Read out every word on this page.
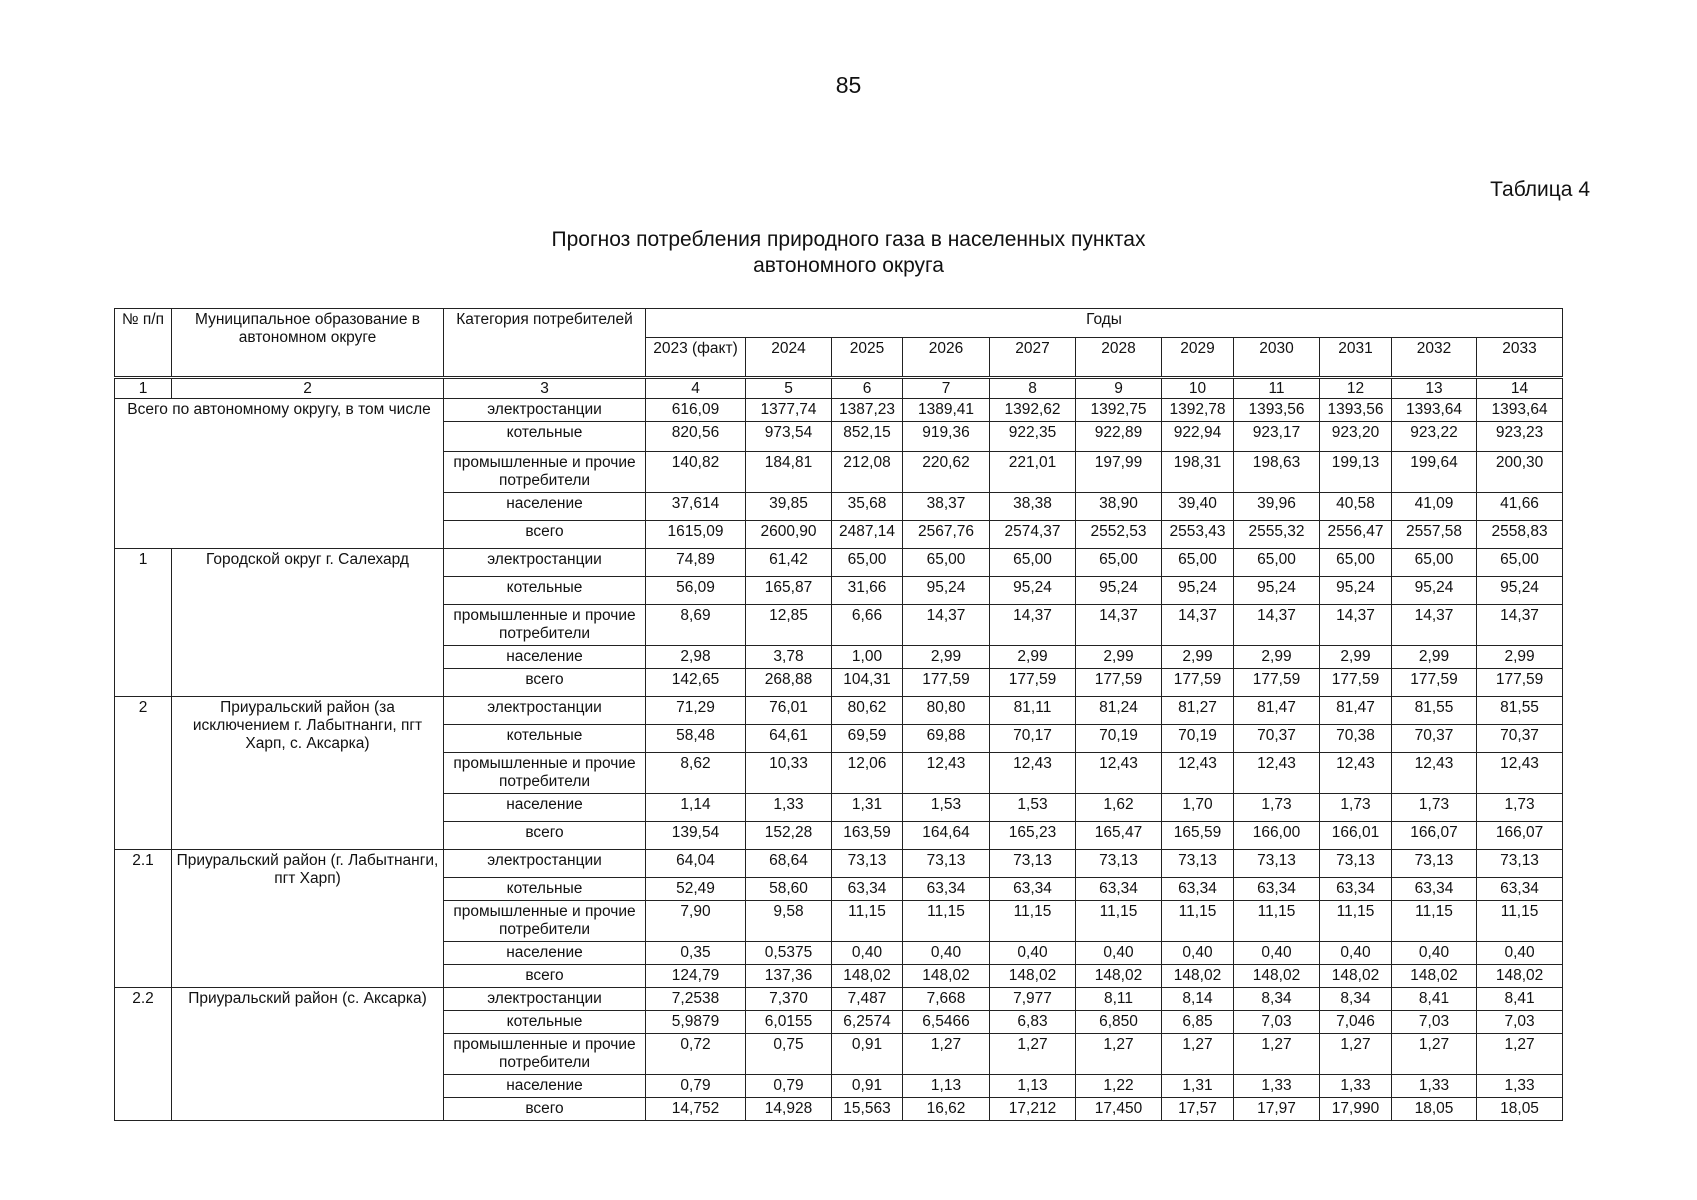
85
Таблица 4
Прогноз потребления природного газа в населенных пунктах
автономного округа
№ п/п	Муниципальное образование в автономном округе	Категория потребителей	Годы										
			2023 (факт)	2024	2025	2026	2027	2028	2029	2030	2031	2032	2033

1	2	3	4	5	6	7	8	9	10	11	12	13	14
Всего по автономному округу, в том числе		электростанции	616,09	1377,74	1387,23	1389,41	1392,62	1392,75	1392,78	1393,56	1393,56	1393,64	1393,64
		котельные	820,56	973,54	852,15	919,36	922,35	922,89	922,94	923,17	923,20	923,22	923,23
		промышленные и прочие потребители	140,82	184,81	212,08	220,62	221,01	197,99	198,31	198,63	199,13	199,64	200,30
		население	37,614	39,85	35,68	38,37	38,38	38,90	39,40	39,96	40,58	41,09	41,66
		всего	1615,09	2600,90	2487,14	2567,76	2574,37	2552,53	2553,43	2555,32	2556,47	2557,58	2558,83
1	Городской округ г. Салехард	электростанции	74,89	61,42	65,00	65,00	65,00	65,00	65,00	65,00	65,00	65,00	65,00
		котельные	56,09	165,87	31,66	95,24	95,24	95,24	95,24	95,24	95,24	95,24	95,24
		промышленные и прочие потребители	8,69	12,85	6,66	14,37	14,37	14,37	14,37	14,37	14,37	14,37	14,37
		население	2,98	3,78	1,00	2,99	2,99	2,99	2,99	2,99	2,99	2,99	2,99
		всего	142,65	268,88	104,31	177,59	177,59	177,59	177,59	177,59	177,59	177,59	177,59
2	Приуральский район (за исключением г. Лабытнанги, пгт Харп, с. Аксарка)	электростанции	71,29	76,01	80,62	80,80	81,11	81,24	81,27	81,47	81,47	81,55	81,55
		котельные	58,48	64,61	69,59	69,88	70,17	70,19	70,19	70,37	70,38	70,37	70,37
		промышленные и прочие потребители	8,62	10,33	12,06	12,43	12,43	12,43	12,43	12,43	12,43	12,43	12,43
		население	1,14	1,33	1,31	1,53	1,53	1,62	1,70	1,73	1,73	1,73	1,73
		всего	139,54	152,28	163,59	164,64	165,23	165,47	165,59	166,00	166,01	166,07	166,07
2.1	Приуральский район (г. Лабытнанги, пгт Харп)	электростанции	64,04	68,64	73,13	73,13	73,13	73,13	73,13	73,13	73,13	73,13	73,13
		котельные	52,49	58,60	63,34	63,34	63,34	63,34	63,34	63,34	63,34	63,34	63,34
		промышленные и прочие потребители	7,90	9,58	11,15	11,15	11,15	11,15	11,15	11,15	11,15	11,15	11,15
		население	0,35	0,5375	0,40	0,40	0,40	0,40	0,40	0,40	0,40	0,40	0,40
		всего	124,79	137,36	148,02	148,02	148,02	148,02	148,02	148,02	148,02	148,02	148,02
2.2	Приуральский район (с. Аксарка)	электростанции	7,2538	7,370	7,487	7,668	7,977	8,11	8,14	8,34	8,34	8,41	8,41
		котельные	5,9879	6,0155	6,2574	6,5466	6,83	6,850	6,85	7,03	7,046	7,03	7,03
		промышленные и прочие потребители	0,72	0,75	0,91	1,27	1,27	1,27	1,27	1,27	1,27	1,27	1,27
		население	0,79	0,79	0,91	1,13	1,13	1,22	1,31	1,33	1,33	1,33	1,33
		всего	14,752	14,928	15,563	16,62	17,212	17,450	17,57	17,97	17,990	18,05	18,05
